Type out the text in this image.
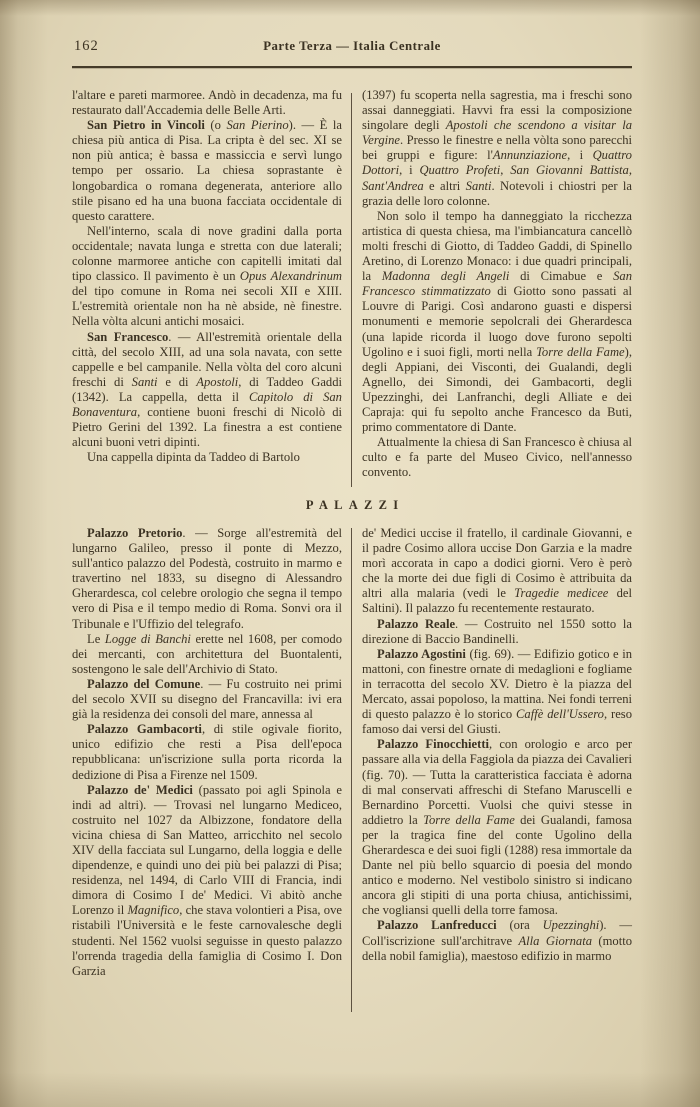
162	Parte Terza — Italia Centrale

l'altare e pareti marmoree. Andò in decadenza, ma fu restaurato dall'Accademia delle Belle Arti.

San Pietro in Vincoli (o San Pierino). — È la chiesa più antica di Pisa. La cripta è del sec. XI se non più antica; è bassa e massiccia e servì lungo tempo per ossario. La chiesa soprastante è longobardica o romana degenerata, anteriore allo stile pisano ed ha una buona facciata occidentale di questo carattere.

Nell'interno, scala di nove gradini dalla porta occidentale; navata lunga e stretta con due laterali; colonne marmoree antiche con capitelli imitati dal tipo classico. Il pavimento è un Opus Alexandrinum del tipo comune in Roma nei secoli XII e XIII. L'estremità orientale non ha nè abside, nè finestre. Nella vòlta alcuni antichi mosaici.

San Francesco. — All'estremità orientale della città, del secolo XIII, ad una sola navata, con sette cappelle e bel campanile. Nella vòlta del coro alcuni freschi di Santi e di Apostoli, di Taddeo Gaddi (1342). La cappella, detta il Capitolo di San Bonaventura, contiene buoni freschi di Nicolò di Pietro Gerini del 1392. La finestra a est contiene alcuni buoni vetri dipinti.

Una cappella dipinta da Taddeo di Bartolo

(1397) fu scoperta nella sagrestia, ma i freschi sono assai danneggiati. Havvi fra essi la composizione singolare degli Apostoli che scendono a visitar la Vergine. Presso le finestre e nella vòlta sono parecchi bei gruppi e figure: l'Annunziazione, i Quattro Dottori, i Quattro Profeti, San Giovanni Battista, Sant'Andrea e altri Santi. Notevoli i chiostri per la grazia delle loro colonne.

Non solo il tempo ha danneggiato la ricchezza artistica di questa chiesa, ma l'imbiancatura cancellò molti freschi di Giotto, di Taddeo Gaddi, di Spinello Aretino, di Lorenzo Monaco: i due quadri principali, la Madonna degli Angeli di Cimabue e San Francesco stimmatizzato di Giotto sono passati al Louvre di Parigi. Così andarono guasti e dispersi monumenti e memorie sepolcrali dei Gherardesca (una lapide ricorda il luogo dove furono sepolti Ugolino e i suoi figli, morti nella Torre della Fame), degli Appiani, dei Visconti, dei Gualandi, degli Agnello, dei Simondi, dei Gambacorti, degli Upezzinghi, dei Lanfranchi, degli Alliate e dei Capraja: qui fu sepolto anche Francesco da Buti, primo commentatore di Dante.

Attualmente la chiesa di San Francesco è chiusa al culto e fa parte del Museo Civico, nell'annesso convento.

PALAZZI

Palazzo Pretorio. — Sorge all'estremità del lungarno Galileo, presso il ponte di Mezzo, sull'antico palazzo del Podestà, costruito in marmo e travertino nel 1833, su disegno di Alessandro Gherardesca, col celebre orologio che segna il tempo vero di Pisa e il tempo medio di Roma. Sonvi ora il Tribunale e l'Uffizio del telegrafo.

Le Logge di Banchi erette nel 1608, per comodo dei mercanti, con architettura del Buontalenti, sostengono le sale dell'Archivio di Stato.

Palazzo del Comune. — Fu costruito nei primi del secolo XVII su disegno del Francavilla: ivi era già la residenza dei consoli del mare, annessa al

Palazzo Gambacorti, di stile ogivale fiorito, unico edifizio che resti a Pisa dell'epoca repubblicana: un'iscrizione sulla porta ricorda la dedizione di Pisa a Firenze nel 1509.

Palazzo de' Medici (passato poi agli Spinola e indi ad altri). — Trovasi nel lungarno Mediceo, costruito nel 1027 da Albizzone, fondatore della vicina chiesa di San Matteo, arricchito nel secolo XIV della facciata sul Lungarno, della loggia e delle dipendenze, e quindi uno dei più bei palazzi di Pisa; residenza, nel 1494, di Carlo VIII di Francia, indi dimora di Cosimo I de' Medici. Vi abitò anche Lorenzo il Magnifico, che stava volontieri a Pisa, ove ristabilì l'Università e le feste carnovalesche degli studenti. Nel 1562 vuolsi seguisse in questo palazzo l'orrenda tragedia della famiglia di Cosimo I. Don Garzia

de' Medici uccise il fratello, il cardinale Giovanni, e il padre Cosimo allora uccise Don Garzia e la madre morì accorata in capo a dodici giorni. Vero è però che la morte dei due figli di Cosimo è attribuita da altri alla malaria (vedi le Tragedie medicee del Saltini). Il palazzo fu recentemente restaurato.

Palazzo Reale. — Costruito nel 1550 sotto la direzione di Baccio Bandinelli.

Palazzo Agostini (fig. 69). — Edifizio gotico e in mattoni, con finestre ornate di medaglioni e fogliame in terracotta del secolo XV. Dietro è la piazza del Mercato, assai popoloso, la mattina. Nei fondi terreni di questo palazzo è lo storico Caffè dell'Ussero, reso famoso dai versi del Giusti.

Palazzo Finocchietti, con orologio e arco per passare alla via della Faggiola da piazza dei Cavalieri (fig. 70). — Tutta la caratteristica facciata è adorna di mal conservati affreschi di Stefano Maruscelli e Bernardino Porcetti. Vuolsi che quivi stesse in addietro la Torre della Fame dei Gualandi, famosa per la tragica fine del conte Ugolino della Gherardesca e dei suoi figli (1288) resa immortale da Dante nel più bello squarcio di poesia del mondo antico e moderno. Nel vestibolo sinistro si indicano ancora gli stipiti di una porta chiusa, antichissimi, che vogliansi quelli della torre famosa.

Palazzo Lanfreducci (ora Upezzinghi). — Coll'iscrizione sull'architrave Alla Giornata (motto della nobil famiglia), maestoso edifizio in marmo
